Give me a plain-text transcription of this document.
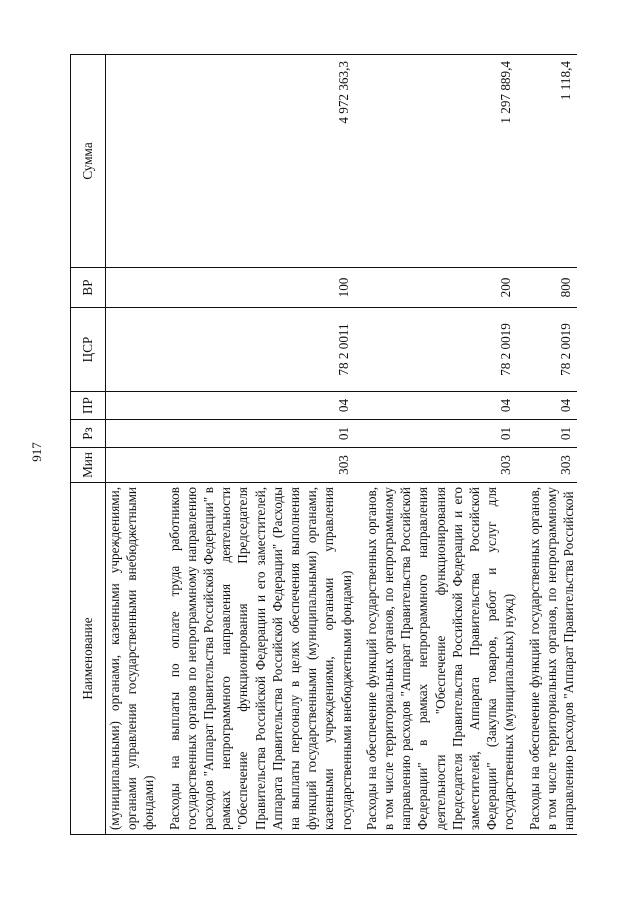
917
Наименование	Мин	Рз	ПР	ЦСР	ВР	Сумма
(муниципальными) органами, казенными учреждениями, органами управления государственными внебюджетными фондами)						
Расходы на выплаты по оплате труда работников государственных органов по непрограммному направлению расходов "Аппарат Правительства Российской Федерации" в рамках непрограммного направления деятельности "Обеспечение функционирования Председателя Правительства Российской Федерации и его заместителей, Аппарата Правительства Российской Федерации" (Расходы на выплаты персоналу в целях обеспечения выполнения функций государственными (муниципальными) органами, казенными учреждениями, органами управления государственными внебюджетными фондами)	303	01	04	78 2 0011	100	4 972 363,3
Расходы на обеспечение функций государственных органов, в том числе территориальных органов, по непрограммному направлению расходов "Аппарат Правительства Российской Федерации" в рамках непрограммного направления деятельности "Обеспечение функционирования Председателя Правительства Российской Федерации и его заместителей, Аппарата Правительства Российской Федерации" (Закупка товаров, работ и услуг для государственных (муниципальных) нужд)	303	01	04	78 2 0019	200	1 297 889,4
Расходы на обеспечение функций государственных органов, в том числе территориальных органов, по непрограммному направлению расходов "Аппарат Правительства Российской	303	01	04	78 2 0019	800	1 118,4
